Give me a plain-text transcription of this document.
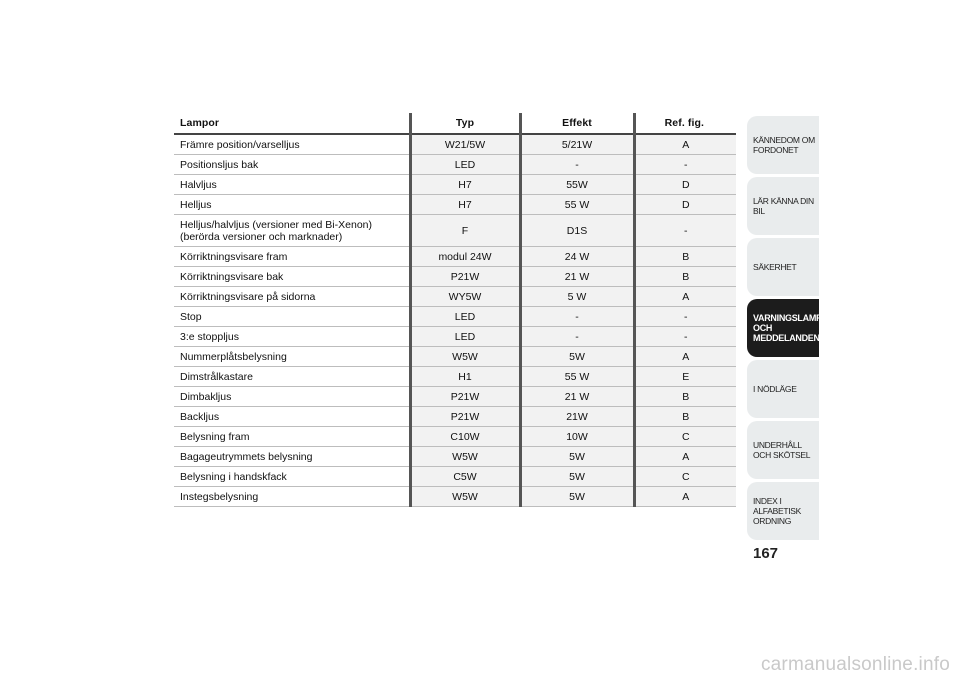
Lampor	Typ	Effekt	Ref. fig.
Främre position/varselljus	W21/5W	5/21W	A
Positionsljus bak	LED	-	-
Halvljus	H7	55W	D
Helljus	H7	55 W	D
Helljus/halvljus (versioner med Bi-Xenon) (berörda versioner och marknader)	F	D1S	-
Körriktningsvisare fram	modul 24W	24 W	B
Körriktningsvisare bak	P21W	21 W	B
Körriktningsvisare på sidorna	WY5W	5 W	A
Stop	LED	-	-
3:e stoppljus	LED	-	-
Nummerplåtsbelysning	W5W	5W	A
Dimstrålkastare	H1	55 W	E
Dimbakljus	P21W	21 W	B
Backljus	P21W	21W	B
Belysning fram	C10W	10W	C
Bagageutrymmets belysning	W5W	5W	A
Belysning i handskfack	C5W	5W	C
Instegsbelysning	W5W	5W	A
KÄNNEDOM OM FORDONET
LÄR KÄNNA DIN BIL
SÄKERHET
VARNINGSLAMPOR OCH MEDDELANDEN
I NÖDLÄGE
UNDERHÅLL OCH SKÖTSEL
INDEX I ALFABETISK ORDNING
167
carmanualsonline.info
